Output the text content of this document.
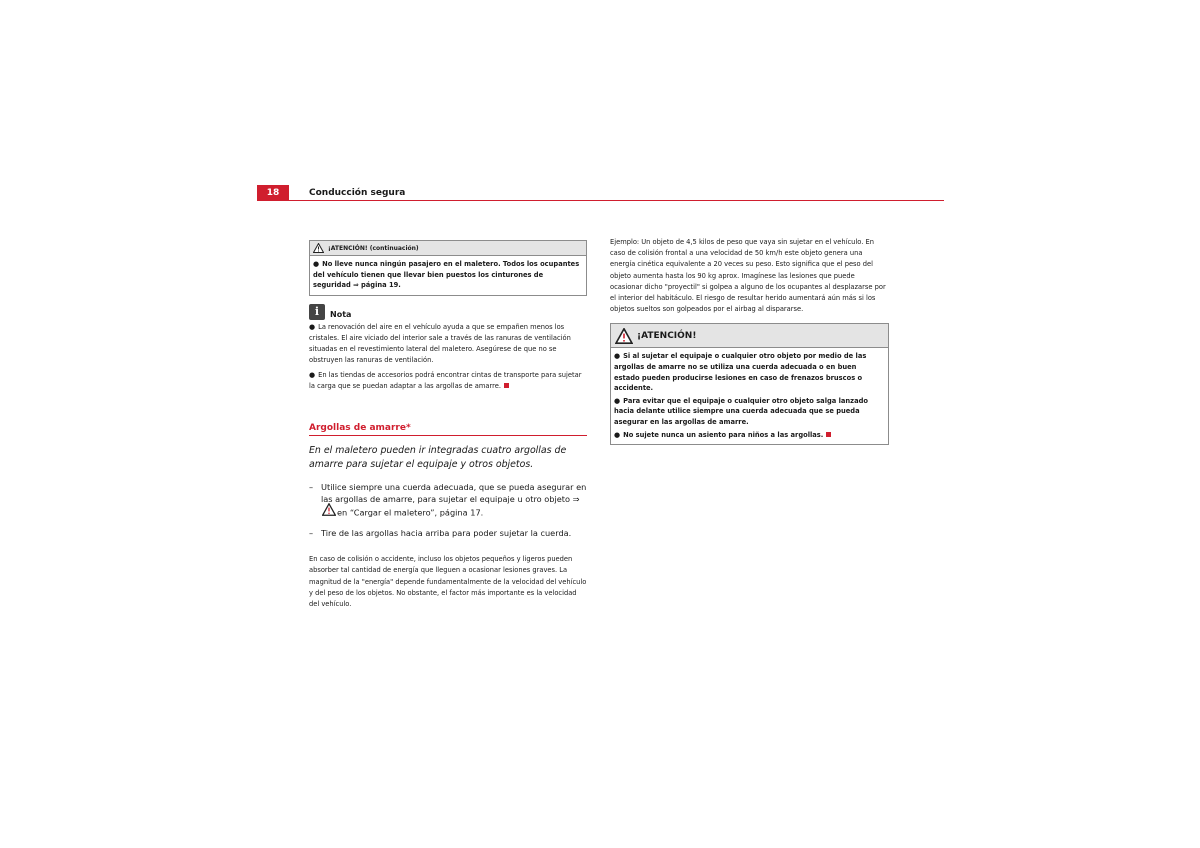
18	Conducción segura
¡ATENCIÓN! (continuación)
● No lleve nunca ningún pasajero en el maletero. Todos los ocupantes del vehículo tienen que llevar bien puestos los cinturones de seguridad ⇒ página 19.
i	Nota

● La renovación del aire en el vehículo ayuda a que se empañen menos los cristales. El aire viciado del interior sale a través de las ranuras de ventilación situadas en el revestimiento lateral del maletero. Asegúrese de que no se obstruyen las ranuras de ventilación.

● En las tiendas de accesorios podrá encontrar cintas de transporte para sujetar la carga que se puedan adaptar a las argollas de amarre.

Argollas de amarre*
En el maletero pueden ir integradas cuatro argollas de amarre para sujetar el equipaje y otros objetos.
– Utilice siempre una cuerda adecuada, que se pueda asegurar en las argollas de amarre, para sujetar el equipaje u otro objeto ⇒en “Cargar el maletero”, página 17.
– Tire de las argollas hacia arriba para poder sujetar la cuerda.

En caso de colisión o accidente, incluso los objetos pequeños y ligeros pueden absorber tal cantidad de energía que lleguen a ocasionar lesiones graves. La magnitud de la "energía" depende fundamentalmente de la velocidad del vehículo y del peso de los objetos. No obstante, el factor más importante es la velocidad del vehículo.

Ejemplo: Un objeto de 4,5 kilos de peso que vaya sin sujetar en el vehículo. En caso de colisión frontal a una velocidad de 50 km/h este objeto genera una energía cinética equivalente a 20 veces su peso. Esto significa que el peso del objeto aumenta hasta los 90 kg aprox. Imagínese las lesiones que puede ocasionar dicho "proyectil" si golpea a alguno de los ocupantes al desplazarse por el interior del habitáculo. El riesgo de resultar herido aumentará aún más si los objetos sueltos son golpeados por el airbag al dispararse.

¡ATENCIÓN!

● Si al sujetar el equipaje o cualquier otro objeto por medio de las argollas de amarre no se utiliza una cuerda adecuada o en buen estado pueden producirse lesiones en caso de frenazos bruscos o accidente.

● Para evitar que el equipaje o cualquier otro objeto salga lanzado hacia delante utilice siempre una cuerda adecuada que se pueda asegurar en las argollas de amarre.

● No sujete nunca un asiento para niños a las argollas.
